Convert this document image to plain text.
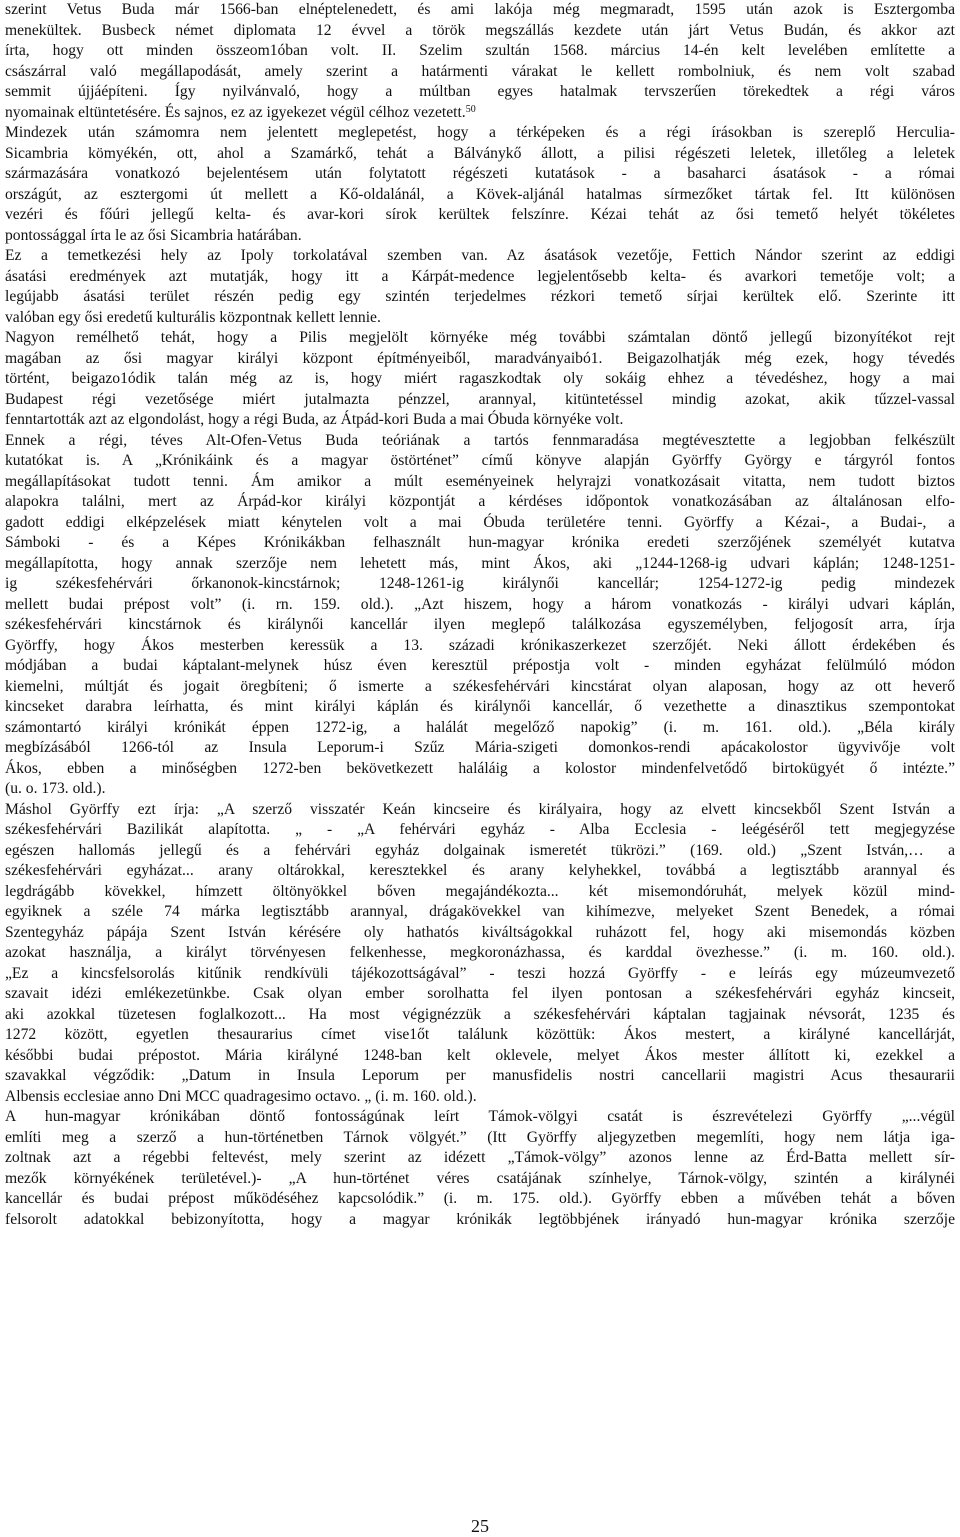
szerint Vetus Buda már 1566-ban elnéptelenedett, és ami lakója még megmaradt, 1595 után azok is Esztergomba
menekültek. Busbeck német diplomata 12 évvel a török megszállás kezdete után járt Vetus Budán, és akkor azt
írta, hogy ott minden összeom1óban volt. II. Szelim szultán 1568. március 14-én kelt levelében említette a
császárral való megállapodását, amely szerint a határmenti várakat le kellett rombolniuk, és nem volt szabad
semmit újjáépíteni. Így nyilvánvaló, hogy a múltban egyes hatalmak tervszerűen törekedtek a régi város
nyomainak eltüntetésére. És sajnos, ez az igyekezet végül célhoz vezetett.$^{50}$
Mindezek után számomra nem jelentett meglepetést, hogy a térképeken és a régi írásokban is szereplő Herculia-
Sicambria kömyékén, ott, ahol a Szamárkő, tehát a Bálványkő állott, a pilisi régészeti leletek, illetőleg a leletek
származására vonatkozó bejelentésem után folytatott régészeti kutatások - a basaharci ásatások - a római
országút, az esztergomi út mellett a Kő-oldalánál, a Kövek-aljánál hatalmas sírmezőket tártak fel. Itt különösen
vezéri és főúri jellegű kelta- és avar-kori sírok kerültek felszínre. Kézai tehát az ősi temető helyét tökéletes
pontossággal írta le az ősi Sicambria határában.
Ez a temetkezési hely az Ipoly torkolatával szemben van. Az ásatások vezetője, Fettich Nándor szerint az eddigi
ásatási eredmények azt mutatják, hogy itt a Kárpát-medence legjelentősebb kelta- és avarkori temetője volt; a
legújabb ásatási terület részén pedig egy szintén terjedelmes rézkori temető sírjai kerültek elő. Szerinte itt
valóban egy ősi eredetű kulturális központnak kellett lennie.
Nagyon remélhető tehát, hogy a Pilis megjelölt környéke még további számtalan döntő jellegű bizonyítékot rejt
magában az ősi magyar királyi központ építményeiből, maradványaibó1. Beigazolhatják még ezek, hogy tévedés
történt, beigazo1ódik talán még az is, hogy miért ragaszkodtak oly sokáig ehhez a tévedéshez, hogy a mai
Budapest régi vezetősége miért jutalmazta pénzzel, arannyal, kitüntetéssel mindig azokat, akik tűzzel-vassal
fenntartották azt az elgondolást, hogy a régi Buda, az Átpád-kori Buda a mai Óbuda környéke volt.
Ennek a régi, téves Alt-Ofen-Vetus Buda teóriának a tartós fennmaradása megtévesztette a legjobban felkészült
kutatókat is. A „Krónikáink és a magyar östörténet” című könyve alapján Györffy György e tárgyról fontos
megállapításokat tudott tenni. Ám amikor a múlt eseményeinek helyrajzi vonatkozásait vitatta, nem tudott biztos
alapokra találni, mert az Árpád-kor királyi központját a kérdéses időpontok vonatkozásában az általánosan elfo-
gadott eddigi elképzelések miatt kénytelen volt a mai Óbuda területére tenni. Györffy a Kézai-, a Budai-, a
Sámboki - és a Képes Krónikákban felhasznált hun-magyar krónika eredeti szerzőjének személyét kutatva
megállapította, hogy annak szerzője nem lehetett más, mint Ákos, aki „1244-1268-ig udvari káplán; 1248-1251-
ig székesfehérvári őrkanonok-kincstárnok; 1248-1261-ig királynői kancellár; 1254-1272-ig pedig mindezek
mellett budai prépost volt” (i. rn. 159. old.). „Azt hiszem, hogy a három vonatkozás - királyi udvari káplán,
székesfehérvári kincstárnok és királynői kancellár ilyen meglepő találkozása egyszemélyben, feljogosít arra, írja
Györffy, hogy Ákos mesterben keressük a 13. századi krónikaszerkezet szerzőjét. Neki állott érdekében és
módjában a budai káptalant-melynek húsz éven keresztül prépostja volt - minden egyházat felülmúló módon
kiemelni, múltját és jogait öregbíteni; ő ismerte a székesfehérvári kincstárat olyan alaposan, hogy az ott heverő
kincseket darabra leírhatta, és mint királyi káplán és királynői kancellár, ő vezethette a dinasztikus szempontokat
számontartó királyi krónikát éppen 1272-ig, a halálát megelőző napokig” (i. m. 161. old.). „Béla király
megbízásából 1266-tól az Insula Leporum-i Szűz Mária-szigeti domonkos-rendi apácakolostor ügyvivője volt
Ákos, ebben a minőségben 1272-ben bekövetkezett haláláig a kolostor mindenfelvetődő birtokügyét ő intézte.”
(u. o. 173. old.).
Máshol Györffy ezt írja: „A szerző visszatér Keán kincseire és királyaira, hogy az elvett kincsekből Szent István a
székesfehérvári Bazilikát alapította. „ - „A fehérvári egyház - Alba Ecclesia - leégéséről tett megjegyzése
egészen hallomás jellegű és a fehérvári egyház dolgainak ismeretét tükrözi.” (169. old.) „Szent István,… a
székesfehérvári egyházat... arany oltárokkal, keresztekkel és arany kelyhekkel, továbbá a legtisztább arannyal és
legdrágább kövekkel, hímzett öltönyökkel bőven megajándékozta... két misemondóruhát, melyek közül mind-
egyiknek a széle 74 márka legtisztább arannyal, drágakövekkel van kihímezve, melyeket Szent Benedek, a római
Szentegyház pápája Szent István kérésére oly hathatós kiváltságokkal ruházott fel, hogy aki misemondás közben
azokat használja, a királyt törvényesen felkenhesse, megkoronázhassa, és karddal övezhesse.” (i. m. 160. old.).
„Ez a kincsfelsorolás kitűnik rendkívüli tájékozottságával” - teszi hozzá Györffy - e leírás egy múzeumvezető
szavait idézi emlékezetünkbe. Csak olyan ember sorolhatta fel ilyen pontosan a székesfehérvári egyház kincseit,
aki azokkal tüzetesen foglalkozott... Ha most végignézzük a székesfehérvári káptalan tagjainak névsorát, 1235 és
1272 között, egyetlen thesaurarius címet vise1őt találunk közöttük: Ákos mestert, a királyné kancellárját,
későbbi budai prépostot. Mária királyné 1248-ban kelt oklevele, melyet Ákos mester állított ki, ezekkel a
szavakkal végződik: „Datum in Insula Leporum per manusfidelis nostri cancellarii magistri Acus thesaurarii
Albensis ecclesiae anno Dni MCC quadragesimo octavo. „ (i. m. 160. old.).
A hun-magyar krónikában döntő fontosságúnak leírt Támok-völgyi csatát is észrevételezi Györffy „...végül
említi meg a szerző a hun-történetben Tárnok völgyét.” (Itt Györffy aljegyzetben megemlíti, hogy nem látja iga-
zoltnak azt a régebbi feltevést, mely szerint az idézett „Támok-völgy” azonos lenne az Érd-Batta mellett sír-
mezők környékének területével.)- „A hun-történet véres csatájának színhelye, Tárnok-völgy, szintén a királynéi
kancellár és budai prépost működéséhez kapcsolódik.” (i. m. 175. old.). Györffy ebben a művében tehát a bőven
felsorolt adatokkal bebizonyította, hogy a magyar krónikák legtöbbjének irányadó hun-magyar krónika szerzője
25
